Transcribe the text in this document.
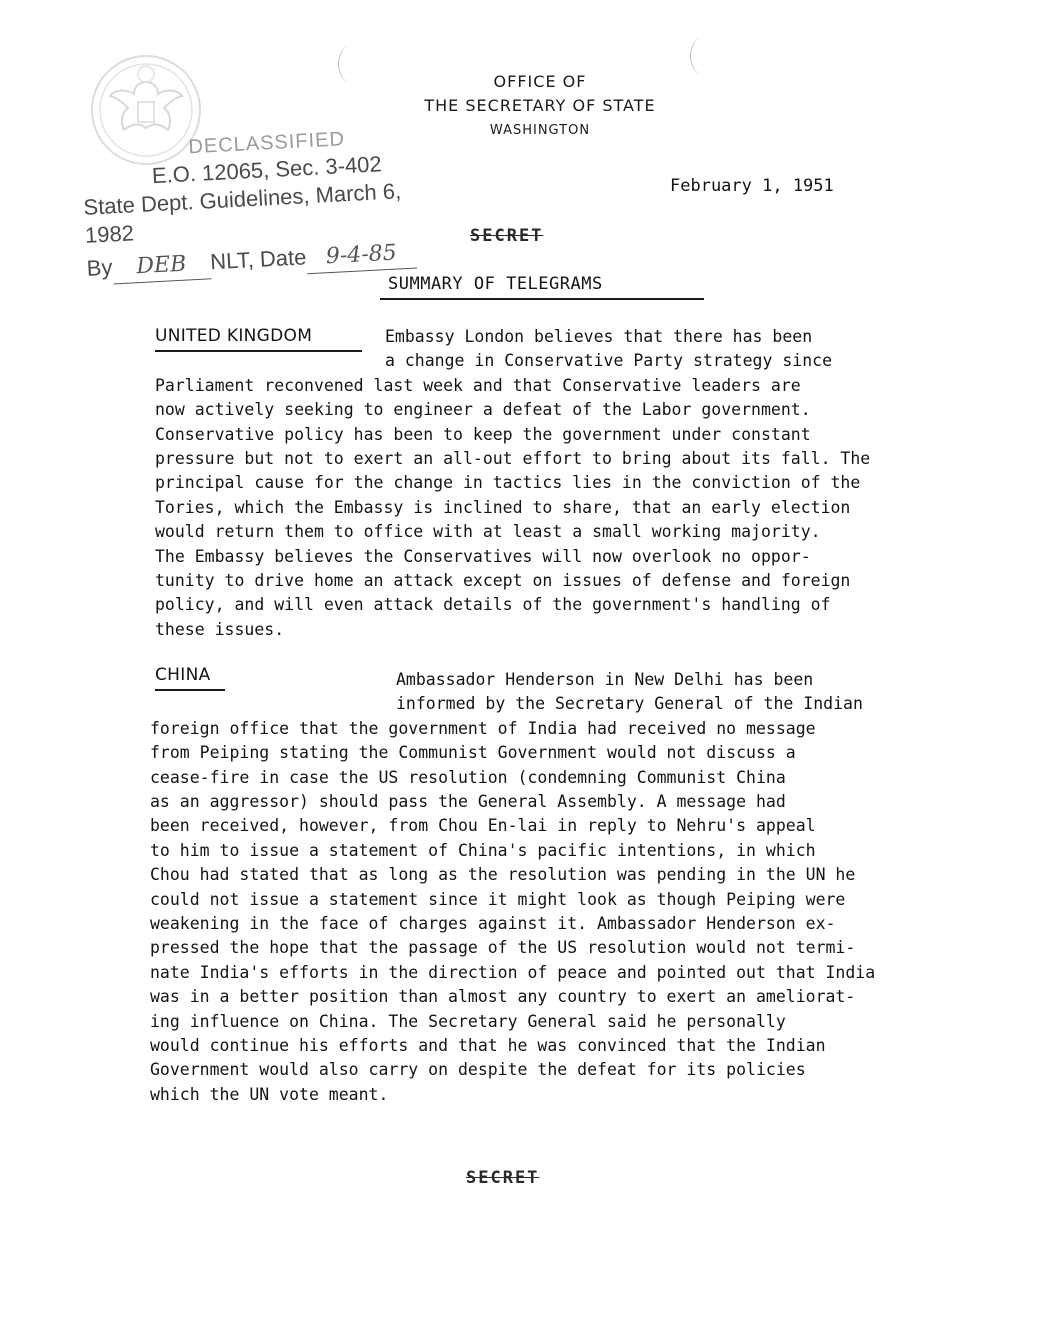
OFFICE OF
THE SECRETARY OF STATE
WASHINGTON
DECLASSIFIED
E.O. 12065, Sec. 3-402
State Dept. Guidelines, March 6, 1982
By DEB NLT, Date 9-4-85
February 1, 1951
SECRET
SUMMARY OF TELEGRAMS
UNITED KINGDOM	Embassy London believes that there has been
a change in Conservative Party strategy since
Parliament reconvened last week and that Conservative leaders are
now actively seeking to engineer a defeat of the Labor government.
Conservative policy has been to keep the government under constant
pressure but not to exert an all-out effort to bring about its fall. The
principal cause for the change in tactics lies in the conviction of the
Tories, which the Embassy is inclined to share, that an early election
would return them to office with at least a small working majority.
The Embassy believes the Conservatives will now overlook no oppor-
tunity to drive home an attack except on issues of defense and foreign
policy, and will even attack details of the government's handling of
these issues.
CHINA	Ambassador Henderson in New Delhi has been
informed by the Secretary General of the Indian
foreign office that the government of India had received no message
from Peiping stating the Communist Government would not discuss a
cease-fire in case the US resolution (condemning Communist China
as an aggressor) should pass the General Assembly. A message had
been received, however, from Chou En-lai in reply to Nehru's appeal
to him to issue a statement of China's pacific intentions, in which
Chou had stated that as long as the resolution was pending in the UN he
could not issue a statement since it might look as though Peiping were
weakening in the face of charges against it. Ambassador Henderson ex-
pressed the hope that the passage of the US resolution would not termi-
nate India's efforts in the direction of peace and pointed out that India
was in a better position than almost any country to exert an ameliorat-
ing influence on China. The Secretary General said he personally
would continue his efforts and that he was convinced that the Indian
Government would also carry on despite the defeat for its policies
which the UN vote meant.
SECRET
